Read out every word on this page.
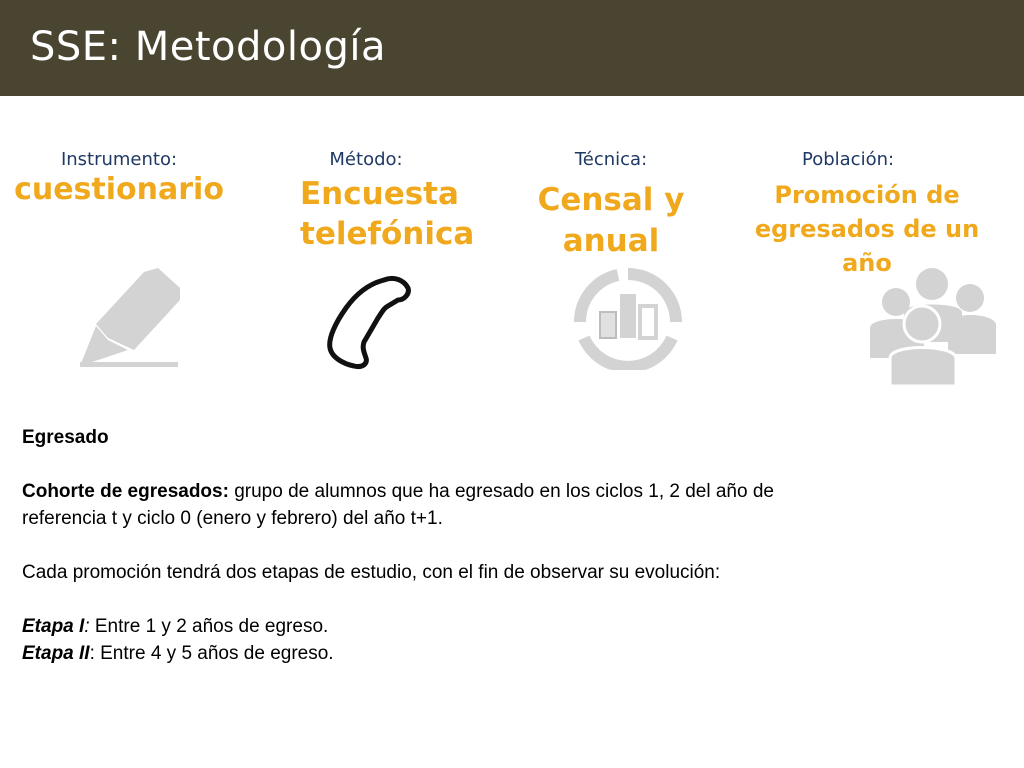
SSE: Metodología
Instrumento:
cuestionario
Método:
Encuesta
telefónica
Técnica:
Censal y
anual
Población:
Promoción de
egresados de un
año

Egresado

Cohorte de egresados: grupo de alumnos que ha egresado en los ciclos 1, 2 del año de

referencia t y ciclo 0 (enero y febrero) del año t+1.

Cada promoción tendrá dos etapas de estudio, con el fin de observar su evolución:

Etapa I: Entre 1 y 2 años de egreso.

Etapa II: Entre 4 y 5 años de egreso.
